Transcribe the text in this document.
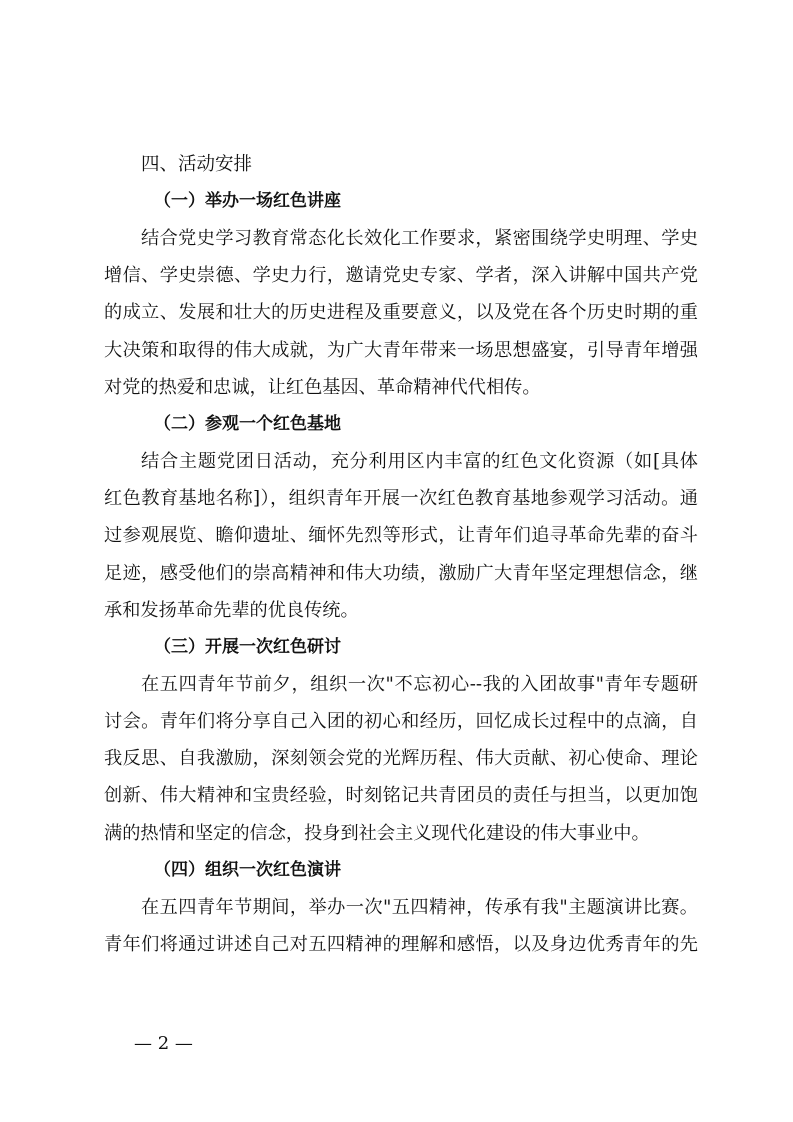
四、活动安排
（一）举办一场红色讲座
结合党史学习教育常态化长效化工作要求，紧密围绕学史明理、学史
增信、学史崇德、学史力行，邀请党史专家、学者，深入讲解中国共产党
的成立、发展和壮大的历史进程及重要意义，以及党在各个历史时期的重
大决策和取得的伟大成就，为广大青年带来一场思想盛宴，引导青年增强
对党的热爱和忠诚，让红色基因、革命精神代代相传。
（二）参观一个红色基地
结合主题党团日活动，充分利用区内丰富的红色文化资源（如[具体
红色教育基地名称]），组织青年开展一次红色教育基地参观学习活动。通
过参观展览、瞻仰遗址、缅怀先烈等形式，让青年们追寻革命先辈的奋斗
足迹，感受他们的崇高精神和伟大功绩，激励广大青年坚定理想信念，继
承和发扬革命先辈的优良传统。
（三）开展一次红色研讨
在五四青年节前夕，组织一次"不忘初心--我的入团故事"青年专题研
讨会。青年们将分享自己入团的初心和经历，回忆成长过程中的点滴，自
我反思、自我激励，深刻领会党的光辉历程、伟大贡献、初心使命、理论
创新、伟大精神和宝贵经验，时刻铭记共青团员的责任与担当，以更加饱
满的热情和坚定的信念，投身到社会主义现代化建设的伟大事业中。
（四）组织一次红色演讲
在五四青年节期间，举办一次"五四精神，传承有我"主题演讲比赛。
青年们将通过讲述自己对五四精神的理解和感悟，以及身边优秀青年的先
— 2 —
